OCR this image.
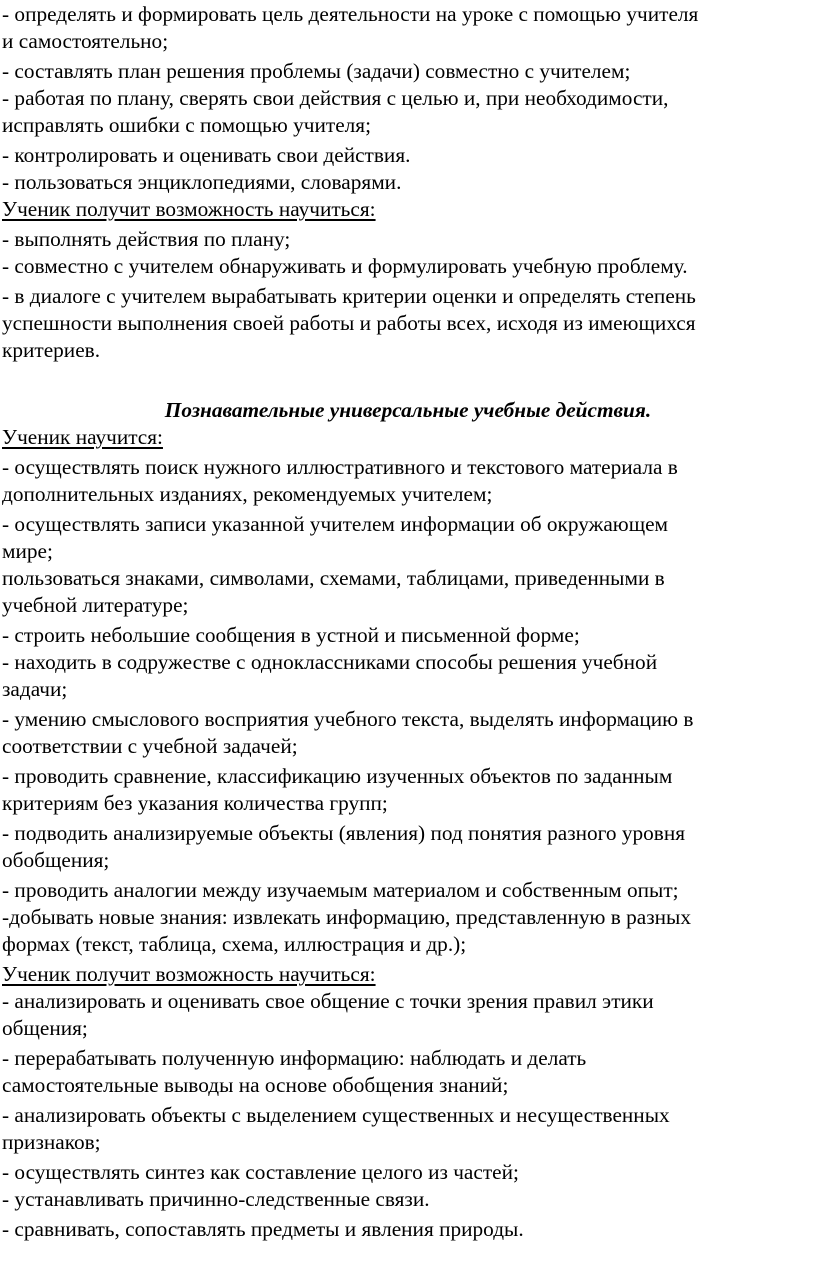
- определять и формировать цель деятельности на уроке с помощью учителя
и самостоятельно;
- составлять план решения проблемы (задачи) совместно с учителем;
- работая по плану, сверять свои действия с целью и, при необходимости,
исправлять ошибки с помощью учителя;
- контролировать и оценивать свои действия.
- пользоваться энциклопедиями, словарями.
Ученик получит возможность научиться:
- выполнять действия по плану;
- совместно с учителем обнаруживать и формулировать учебную проблему.
- в диалоге с учителем вырабатывать критерии оценки и определять степень
успешности выполнения своей работы и работы всех, исходя из имеющихся
критериев.
Познавательные универсальные учебные действия.
Ученик научится:
- осуществлять поиск нужного иллюстративного и текстового материала в
дополнительных изданиях, рекомендуемых учителем;
- осуществлять записи указанной учителем информации об окружающем
мире;
пользоваться знаками, символами, схемами, таблицами, приведенными в
учебной литературе;
- строить небольшие сообщения в устной и письменной форме;
- находить в содружестве с одноклассниками способы решения учебной
задачи;
- умению смыслового восприятия учебного текста, выделять информацию в
соответствии с учебной задачей;
- проводить сравнение, классификацию изученных объектов по заданным
критериям без указания количества групп;
- подводить анализируемые объекты (явления) под понятия разного уровня
обобщения;
- проводить аналогии между изучаемым материалом и собственным опыт;
-добывать новые знания: извлекать информацию, представленную в разных
формах (текст, таблица, схема, иллюстрация и др.);
Ученик получит возможность научиться:
- анализировать и оценивать свое общение с точки зрения правил этики
общения;
- перерабатывать полученную информацию: наблюдать и делать
самостоятельные выводы на основе обобщения знаний;
- анализировать объекты с выделением существенных и несущественных
признаков;
- осуществлять синтез как составление целого из частей;
- устанавливать причинно-следственные связи.
- сравнивать, сопоставлять предметы и явления природы.
